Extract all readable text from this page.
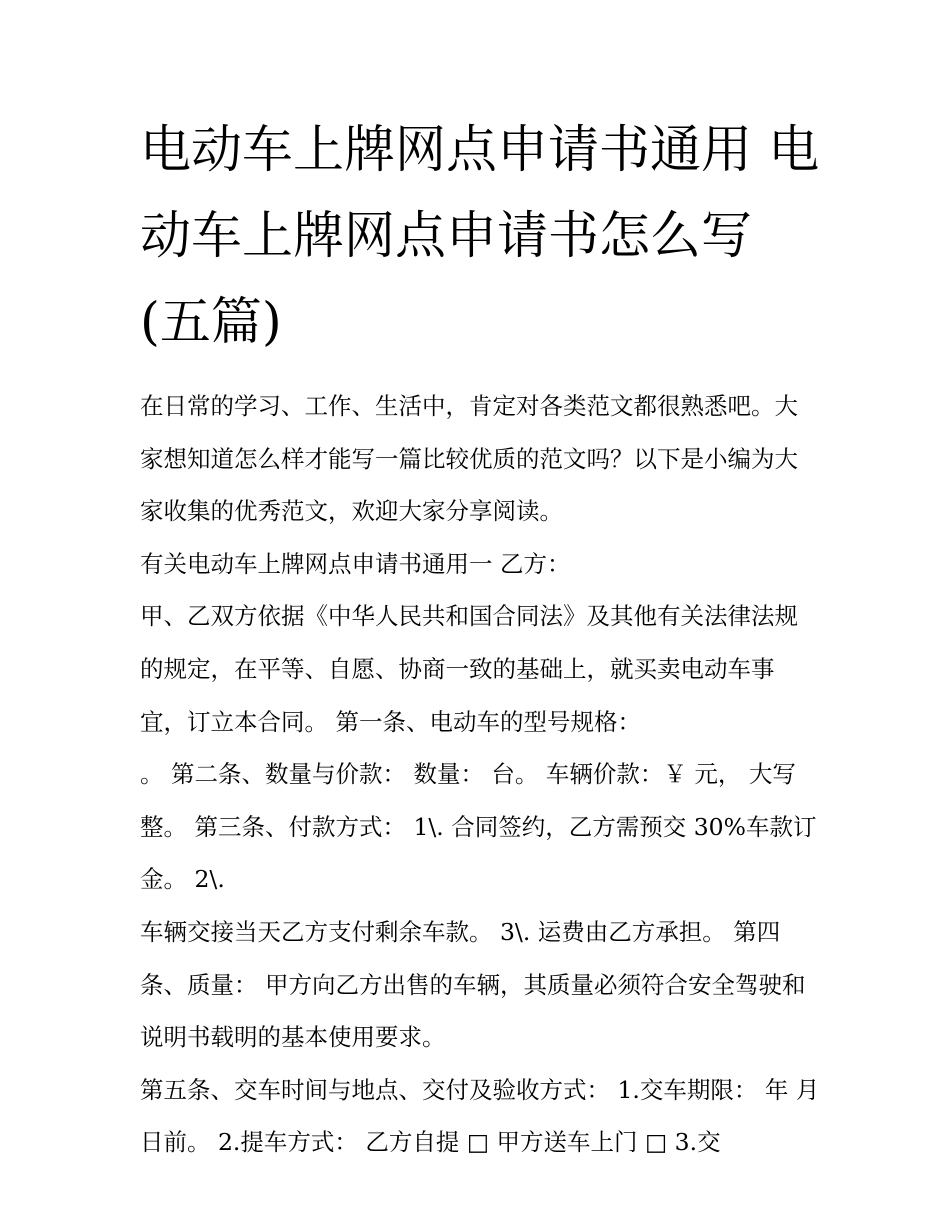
电动车上牌网点申请书通用 电动车上牌网点申请书怎么写(五篇)

在日常的学习、工作、生活中，肯定对各类范文都很熟悉吧。大家想知道怎么样才能写一篇比较优质的范文吗？以下是小编为大家收集的优秀范文，欢迎大家分享阅读。

有关电动车上牌网点申请书通用一 乙方：

甲、乙双方依据《中华人民共和国合同法》及其他有关法律法规的规定，在平等、自愿、协商一致的基础上，就买卖电动车事宜，订立本合同。 第一条、电动车的型号规格：

。 第二条、数量与价款： 数量： 台。 车辆价款：￥ 元， 大写 整。 第三条、付款方式： 1\. 合同签约，乙方需预交 30%车款订金。 2\.

车辆交接当天乙方支付剩余车款。 3\. 运费由乙方承担。 第四条、质量： 甲方向乙方出售的车辆，其质量必须符合安全驾驶和说明书载明的基本使用要求。

第五条、交车时间与地点、交付及验收方式： 1.交车期限： 年 月 日前。 2.提车方式： 乙方自提 □ 甲方送车上门 □ 3.交
